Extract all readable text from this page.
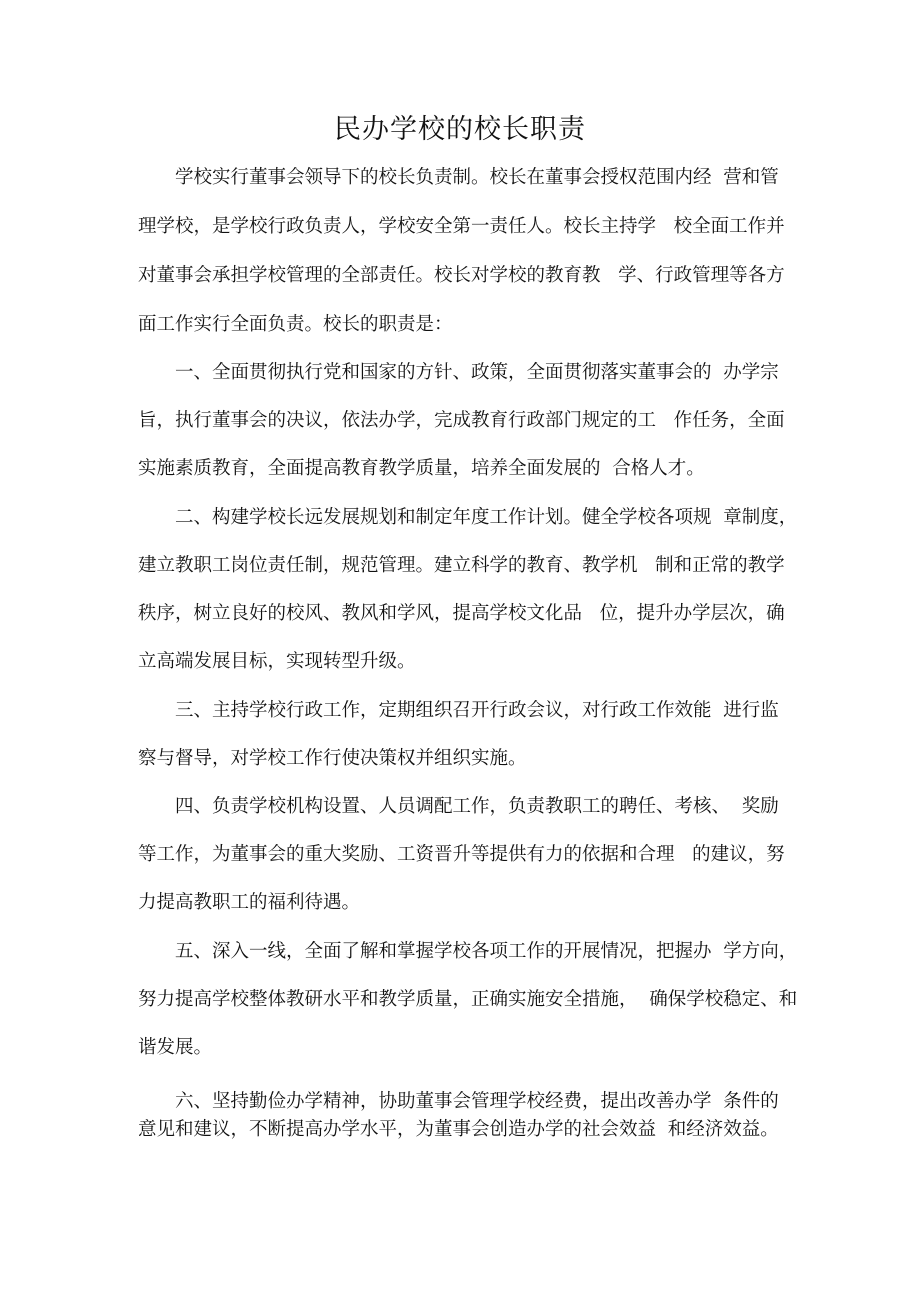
民办学校的校长职责
　　学校实行董事会领导下的校长负责制。校长在董事会授权范围内经  营和管
理学校，是学校行政负责人，学校安全第一责任人。校长主持学   校全面工作并
对董事会承担学校管理的全部责任。校长对学校的教育教   学、行政管理等各方
面工作实行全面负责。校长的职责是：
　　一、全面贯彻执行党和国家的方针、政策，全面贯彻落实董事会的  办学宗
旨，执行董事会的决议，依法办学，完成教育行政部门规定的工   作任务，全面
实施素质教育，全面提高教育教学质量，培养全面发展的  合格人才。
　　二、构建学校长远发展规划和制定年度工作计划。健全学校各项规  章制度，
建立教职工岗位责任制，规范管理。建立科学的教育、教学机   制和正常的教学
秩序，树立良好的校风、教风和学风，提高学校文化品   位，提升办学层次，确
立高端发展目标，实现转型升级。
　　三、主持学校行政工作，定期组织召开行政会议，对行政工作效能  进行监
察与督导，对学校工作行使决策权并组织实施。
　　四、负责学校机构设置、人员调配工作，负责教职工的聘任、考核、  奖励
等工作，为董事会的重大奖励、工资晋升等提供有力的依据和合理   的建议，努
力提高教职工的福利待遇。
　　五、深入一线，全面了解和掌握学校各项工作的开展情况，把握办  学方向，
努力提高学校整体教研水平和教学质量，正确实施安全措施，  确保学校稳定、和
谐发展。
　　六、坚持勤俭办学精神，协助董事会管理学校经费，提出改善办学  条件的
意见和建议，不断提高办学水平，为董事会创造办学的社会效益  和经济效益。
